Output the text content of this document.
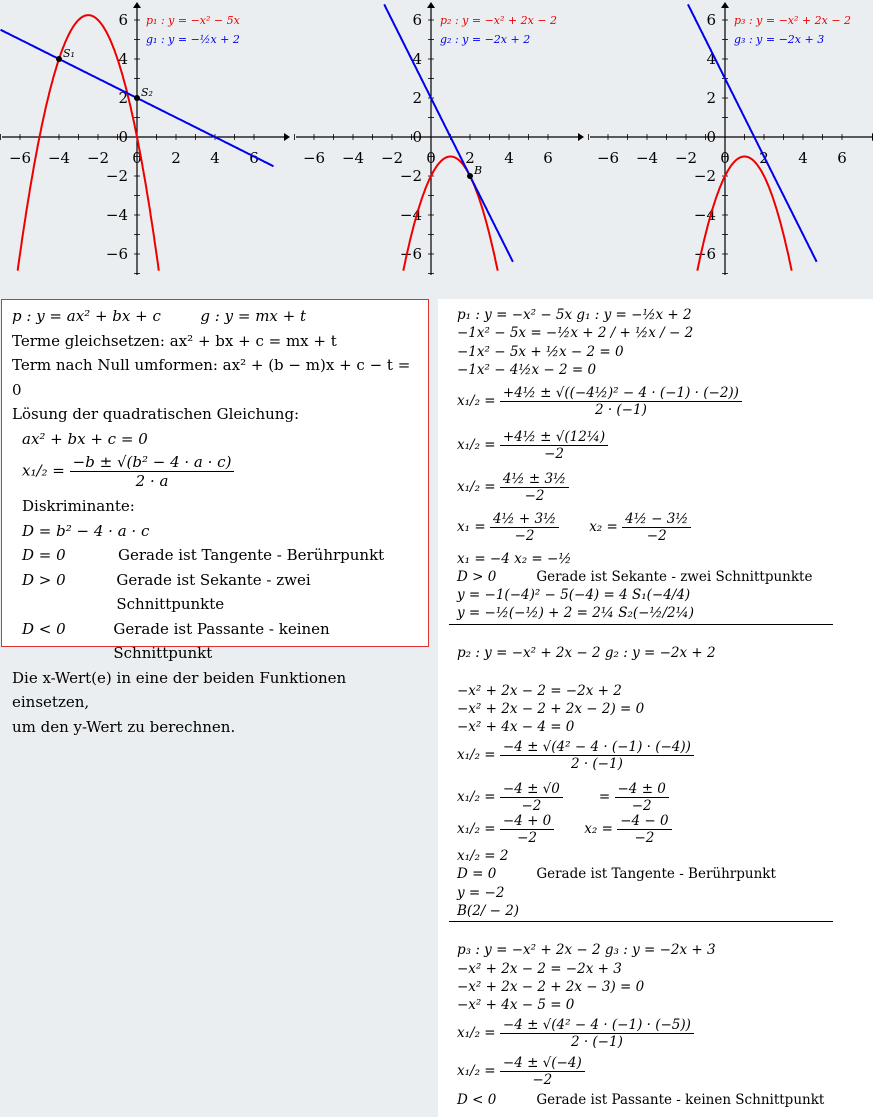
−6
−6
−4
−4
−2
−2
0 2
2
4
4
6
6
0
S₁
S₂
p₁ : y = −x² − 5x
g₁ : y = −½x + 2
−6
−6
−4
−4
−2
−2
0 2
2
4
4
6
6
0
B
p₂ : y = −x² + 2x − 2
g₂ : y = −2x + 2
−6
−6
−4
−4
−2
−2
0 2
2
4
4
6
6
0
p₃ : y = −x² + 2x − 2
g₃ : y = −2x + 3
p : y = ax² + bx + c	g : y = mx + t
Terme gleichsetzen: ax² + bx + c = mx + t
Term nach Null umformen: ax² + (b − m)x + c − t = 0
Lösung der quadratischen Gleichung:
ax² + bx + c = 0
$x_1/_2 = \frac{\text{−b ± √(b² − 4 · a · c)}}{2 \cdot a}$
Diskriminante:
D = b² − 4 · a · c
D = 0	Gerade ist Tangente - Berührpunkt
D > 0	Gerade ist Sekante - zwei Schnittpunkte
D < 0	Gerade ist Passante - keinen Schnittpunkt
Die x-Wert(e) in eine der beiden Funktionen einsetzen,
um den y-Wert zu berechnen.
p₁ : y = −x² − 5x g₁ : y = −½x + 2
−1x² − 5x = −½x + 2 / + ½x / − 2
−1x² − 5x + ½x − 2 = 0
−1x² − 4½x − 2 = 0
$x_1/_2 = \frac{\text{+4½ ± √((−4½)² − 4 · (−1) · (−2))}}{2 \cdot (-1)}$
$x_1/_2 = \frac{\text{+4½ ± √(12¼)}}{-2}$
$x_1/_2 = \frac{\text{4½ ± 3½}}{-2}$
$x_1 = \frac{\text{4½ + 3½}}{-2} x_2 = \frac{\text{4½ − 3½}}{-2}$
x₁ = −4 x₂ = −½
D > 0	Gerade ist Sekante - zwei Schnittpunkte
y = −1(−4)² − 5(−4) = 4 S₁(−4/4)
y = −½(−½) + 2 = 2¼ S₂(−½/2¼)
p₂ : y = −x² + 2x − 2 g₂ : y = −2x + 2
−x² + 2x − 2 = −2x + 2
−x² + 2x − 2 + 2x − 2) = 0
−x² + 4x − 4 = 0
$x_1/_2 = \frac{\text{−4 ± √(4² − 4 · (−1) · (−4))}}{2 \cdot (-1)}$
$x_1/_2 = \frac{-4 \pm √0}{-2}$	= $\frac{-4 \pm 0}{-2}$
$x_1/_2 = \frac{-4 + 0}{-2} x_2 = \frac{-4 - 0}{-2}$
x₁/₂ = 2
D = 0	Gerade ist Tangente - Berührpunkt
y = −2
B(2/ − 2)
p₃ : y = −x² + 2x − 2 g₃ : y = −2x + 3
−x² + 2x − 2 = −2x + 3
−x² + 2x − 2 + 2x − 3) = 0
−x² + 4x − 5 = 0
$x_1/_2 = \frac{\text{−4 ± √(4² − 4 · (−1) · (−5))}}{2 \cdot (-1)}$
$x_1/_2 = \frac{-4 \pm √(-4)}{-2}$
D < 0	Gerade ist Passante - keinen Schnittpunkt
